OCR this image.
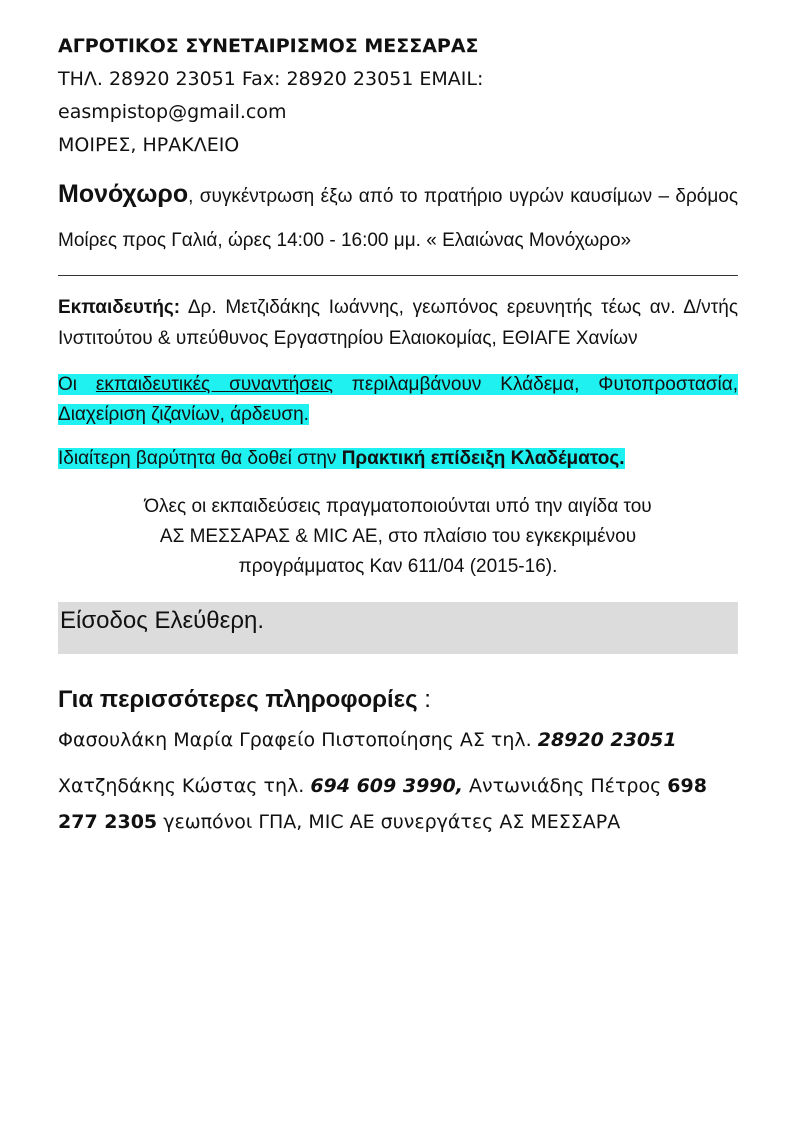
ΑΓΡΟΤΙΚΟΣ ΣΥΝΕΤΑΙΡΙΣΜΟΣ ΜΕΣΣΑΡΑΣ
ΤΗΛ. 28920 23051 Fax: 28920 23051 EMAIL:
easmpistop@gmail.com
ΜΟΙΡΕΣ, ΗΡΑΚΛΕΙΟ
Μονόχωρο, συγκέντρωση έξω από το πρατήριο υγρών καυσίμων – δρόμος Μοίρες προς Γαλιά, ώρες 14:00 - 16:00 μμ. « Ελαιώνας Μονόχωρο»
Εκπαιδευτής: Δρ. Μετζιδάκης Ιωάννης, γεωπόνος ερευνητής τέως αν. Δ/ντής Ινστιτούτου & υπεύθυνος Εργαστηρίου Ελαιοκομίας, ΕΘΙΑΓΕ Χανίων
Οι εκπαιδευτικές συναντήσεις περιλαμβάνουν Κλάδεμα, Φυτοπροστασία, Διαχείριση ζιζανίων, άρδευση.
Ιδιαίτερη βαρύτητα θα δοθεί στην Πρακτική επίδειξη Κλαδέματος.
Όλες οι εκπαιδεύσεις πραγματοποιούνται υπό την αιγίδα του
ΑΣ ΜΕΣΣΑΡΑΣ & MIC AE, στο πλαίσιο του εγκεκριμένου
προγράμματος Καν 611/04 (2015-16).
Είσοδος Ελεύθερη.
Για περισσότερες πληροφορίες :
Φασουλάκη Μαρία Γραφείο Πιστοποίησης ΑΣ τηλ. 28920 23051
Χατζηδάκης Κώστας τηλ. 694 609 3990, Αντωνιάδης Πέτρος 698 277 2305 γεωπόνοι ΓΠΑ, MIC AE συνεργάτες ΑΣ ΜΕΣΣΑΡΑ
